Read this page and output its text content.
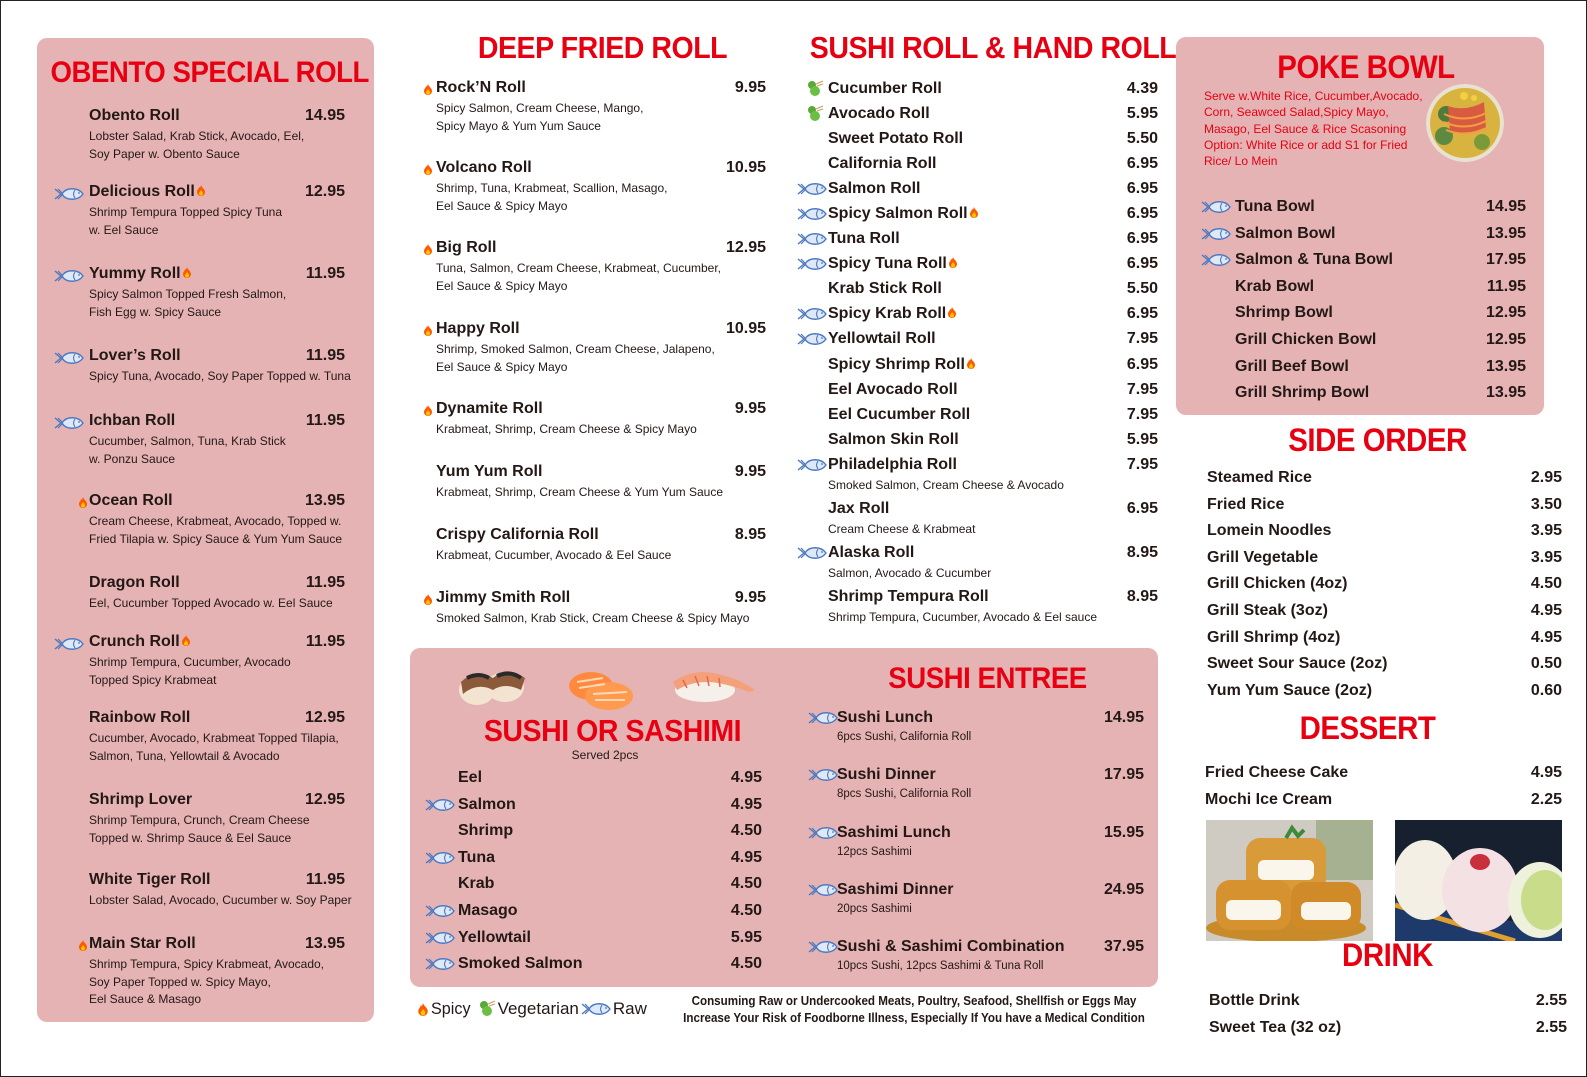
OBENTO SPECIAL ROLL
Obento Roll	14.95
Lobster Salad, Krab Stick, Avocado, Eel,
Soy Paper w. Obento Sauce
Delicious Roll	12.95
Shrimp Tempura Topped Spicy Tuna
w. Eel Sauce
Yummy Roll	11.95
Spicy Salmon Topped Fresh Salmon,
Fish Egg w. Spicy Sauce
Lover’s Roll	11.95
Spicy Tuna, Avocado, Soy Paper Topped w. Tuna
Ichban Roll	11.95
Cucumber, Salmon, Tuna, Krab Stick
w. Ponzu Sauce
Ocean Roll	13.95
Cream Cheese, Krabmeat, Avocado, Topped w.
Fried Tilapia w. Spicy Sauce & Yum Yum Sauce
Dragon Roll	11.95
Eel, Cucumber Topped Avocado w. Eel Sauce
Crunch Roll	11.95
Shrimp Tempura, Cucumber, Avocado
Topped Spicy Krabmeat
Rainbow Roll	12.95
Cucumber, Avocado, Krabmeat Topped Tilapia,
Salmon, Tuna, Yellowtail & Avocado
Shrimp Lover	12.95
Shrimp Tempura, Crunch, Cream Cheese
Topped w. Shrimp Sauce & Eel Sauce
White Tiger Roll	11.95
Lobster Salad, Avocado, Cucumber w. Soy Paper
Main Star Roll	13.95
Shrimp Tempura, Spicy Krabmeat, Avocado,
Soy Paper Topped w. Spicy Mayo,
Eel Sauce & Masago
DEEP FRIED ROLL
Rock’N Roll	9.95
Spicy Salmon, Cream Cheese, Mango,
Spicy Mayo & Yum Yum Sauce
Volcano Roll	10.95
Shrimp, Tuna, Krabmeat, Scallion, Masago,
Eel Sauce & Spicy Mayo
Big Roll	12.95
Tuna, Salmon, Cream Cheese, Krabmeat, Cucumber,
Eel Sauce & Spicy Mayo
Happy Roll	10.95
Shrimp, Smoked Salmon, Cream Cheese, Jalapeno,
Eel Sauce & Spicy Mayo
Dynamite Roll	9.95
Krabmeat, Shrimp, Cream Cheese & Spicy Mayo
Yum Yum Roll	9.95
Krabmeat, Shrimp, Cream Cheese & Yum Yum Sauce
Crispy California Roll	8.95
Krabmeat, Cucumber, Avocado & Eel Sauce
Jimmy Smith Roll	9.95
Smoked Salmon, Krab Stick, Cream Cheese & Spicy Mayo
SUSHI ROLL & HAND ROLL
Cucumber Roll	4.39
Avocado Roll	5.95
Sweet Potato Roll	5.50
California Roll	6.95
Salmon Roll	6.95
Spicy Salmon Roll	6.95
Tuna Roll	6.95
Spicy Tuna Roll	6.95
Krab Stick Roll	5.50
Spicy Krab Roll	6.95
Yellowtail Roll	7.95
Spicy Shrimp Roll	6.95
Eel Avocado Roll	7.95
Eel Cucumber Roll	7.95
Salmon Skin Roll	5.95
Philadelphia Roll	7.95
Smoked Salmon, Cream Cheese & Avocado
Jax Roll	6.95
Cream Cheese & Krabmeat
Alaska Roll	8.95
Salmon, Avocado & Cucumber
Shrimp Tempura Roll	8.95
Shrimp Tempura, Cucumber, Avocado & Eel sauce
SUSHI OR SASHIMI
Served 2pcs
Eel	4.95
Salmon	4.95
Shrimp	4.50
Tuna	4.95
Krab	4.50
Masago	4.50
Yellowtail	5.95
Smoked Salmon	4.50
SUSHI ENTREE
Sushi Lunch	14.95
6pcs Sushi, California Roll
Sushi Dinner	17.95
8pcs Sushi, California Roll
Sashimi Lunch	15.95
12pcs Sashimi
Sashimi Dinner	24.95
20pcs Sashimi
Sushi & Sashimi Combination	37.95
10pcs Sushi, 12pcs Sashimi & Tuna Roll
Spicy Vegetarian Raw	Consuming Raw or Undercooked Meats, Poultry, Seafood, Shellfish or Eggs May
Increase Your Risk of Foodborne Illness, Especially If You have a Medical Condition
POKE BOWL
Serve w.White Rice, Cucumber,Avocado,
Corn, Seawced Salad,Spicy Mayo,
Masago, Eel Sauce & Rice Scasoning
Option: White Rice or add S1 for Fried
Rice/ Lo Mein
Tuna Bowl	14.95
Salmon Bowl	13.95
Salmon & Tuna Bowl	17.95
Krab Bowl	11.95
Shrimp Bowl	12.95
Grill Chicken Bowl	12.95
Grill Beef Bowl	13.95
Grill Shrimp Bowl	13.95
SIDE ORDER
Steamed Rice	2.95
Fried Rice	3.50
Lomein Noodles	3.95
Grill Vegetable	3.95
Grill Chicken (4oz)	4.50
Grill Steak (3oz)	4.95
Grill Shrimp (4oz)	4.95
Sweet Sour Sauce (2oz)	0.50
Yum Yum Sauce (2oz)	0.60
DESSERT
Fried Cheese Cake	4.95
Mochi Ice Cream	2.25
DRINK
Bottle Drink	2.55
Sweet Tea (32 oz)	2.55
